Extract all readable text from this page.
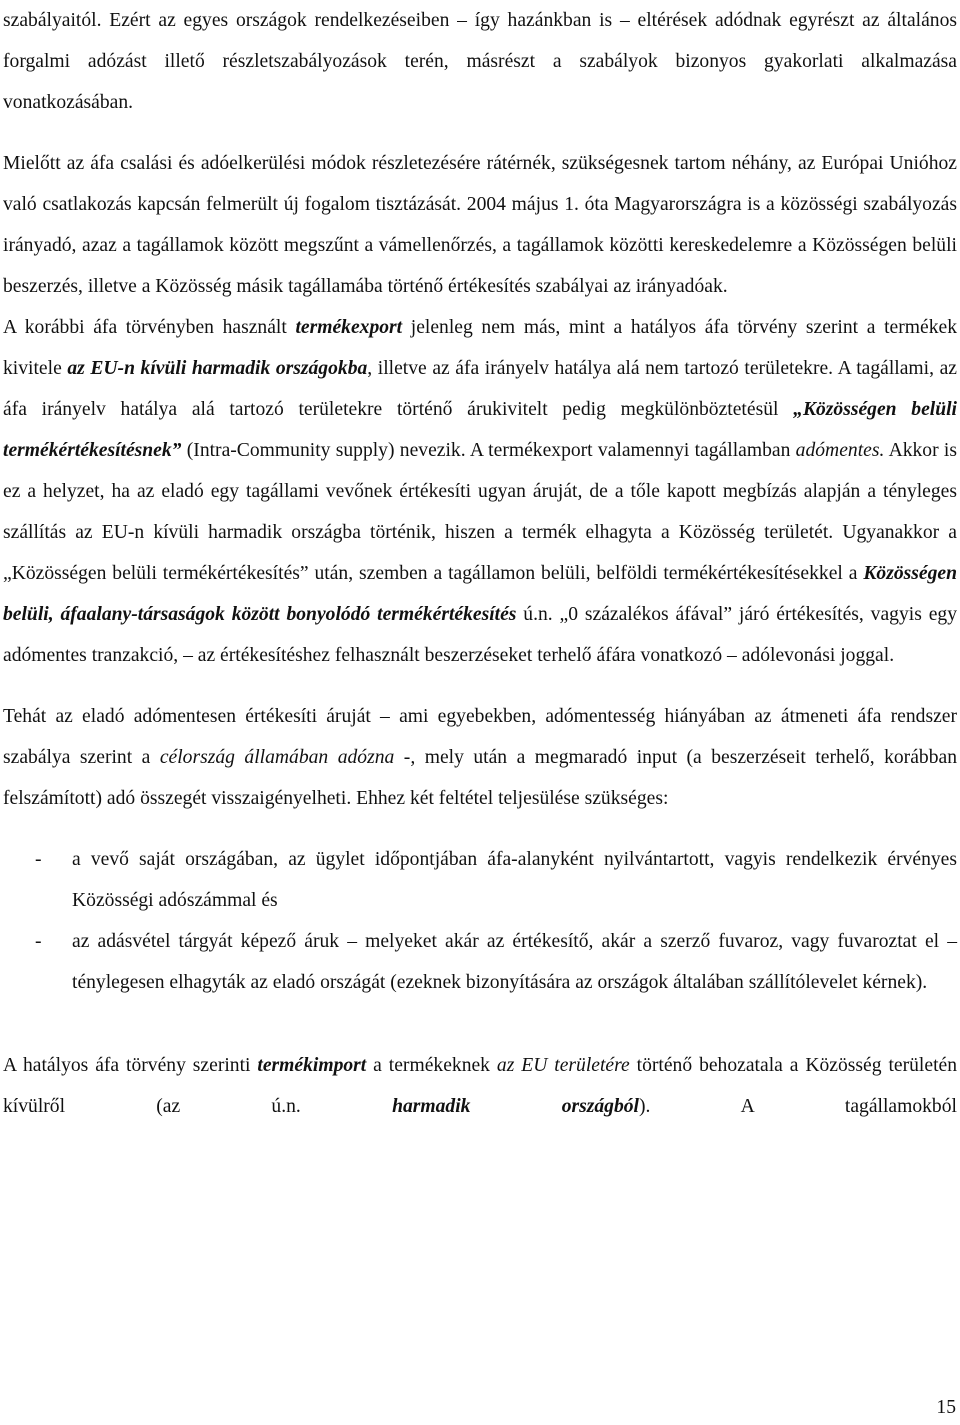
szabályaitól. Ezért az egyes országok rendelkezéseiben – így hazánkban is – eltérések adódnak egyrészt az általános forgalmi adózást illető részletszabályozások terén, másrészt a szabályok bizonyos gyakorlati alkalmazása vonatkozásában.

Mielőtt az áfa csalási és adóelkerülési módok részletezésére rátérnék, szükségesnek tartom néhány, az Európai Unióhoz való csatlakozás kapcsán felmerült új fogalom tisztázását. 2004 május 1. óta Magyarországra is a közösségi szabályozás irányadó, azaz a tagállamok között megszűnt a vámellenőrzés, a tagállamok közötti kereskedelemre a Közösségen belüli beszerzés, illetve a Közösség másik tagállamába történő értékesítés szabályai az irányadóak.

A korábbi áfa törvényben használt termékexport jelenleg nem más, mint a hatályos áfa törvény szerint a termékek kivitele az EU-n kívüli harmadik országokba, illetve az áfa irányelv hatálya alá nem tartozó területekre. A tagállami, az áfa irányelv hatálya alá tartozó területekre történő árukivitelt pedig megkülönböztetésül „Közösségen belüli termékértékesítésnek” (Intra-Community supply) nevezik. A termékexport valamennyi tagállamban adómentes. Akkor is ez a helyzet, ha az eladó egy tagállami vevőnek értékesíti ugyan áruját, de a tőle kapott megbízás alapján a tényleges szállítás az EU-n kívüli harmadik országba történik, hiszen a termék elhagyta a Közösség területét. Ugyanakkor a „Közösségen belüli termékértékesítés” után, szemben a tagállamon belüli, belföldi termékértékesítésekkel a Közösségen belüli, áfaalany-társaságok között bonyolódó termékértékesítés ú.n. „0 százalékos áfával” járó értékesítés, vagyis egy adómentes tranzakció, – az értékesítéshez felhasznált beszerzéseket terhelő áfára vonatkozó – adólevonási joggal.

Tehát az eladó adómentesen értékesíti áruját – ami egyebekben, adómentesség hiányában az átmeneti áfa rendszer szabálya szerint a célország államában adózna -, mely után a megmaradó input (a beszerzéseit terhelő, korábban felszámított) adó összegét visszaigényelheti. Ehhez két feltétel teljesülése szükséges:

- a vevő saját országában, az ügylet időpontjában áfa-alanyként nyilvántartott, vagyis rendelkezik érvényes Közösségi adószámmal és
- az adásvétel tárgyát képező áruk – melyeket akár az értékesítő, akár a szerző fuvaroz, vagy fuvaroztat el – ténylegesen elhagyták az eladó országát (ezeknek bizonyítására az országok általában szállítólevelet kérnek).

A hatályos áfa törvény szerinti termékimport a termékeknek az EU területére történő behozatala a Közösség területén kívülről (az ú.n. harmadik országból). A tagállamokból

15
